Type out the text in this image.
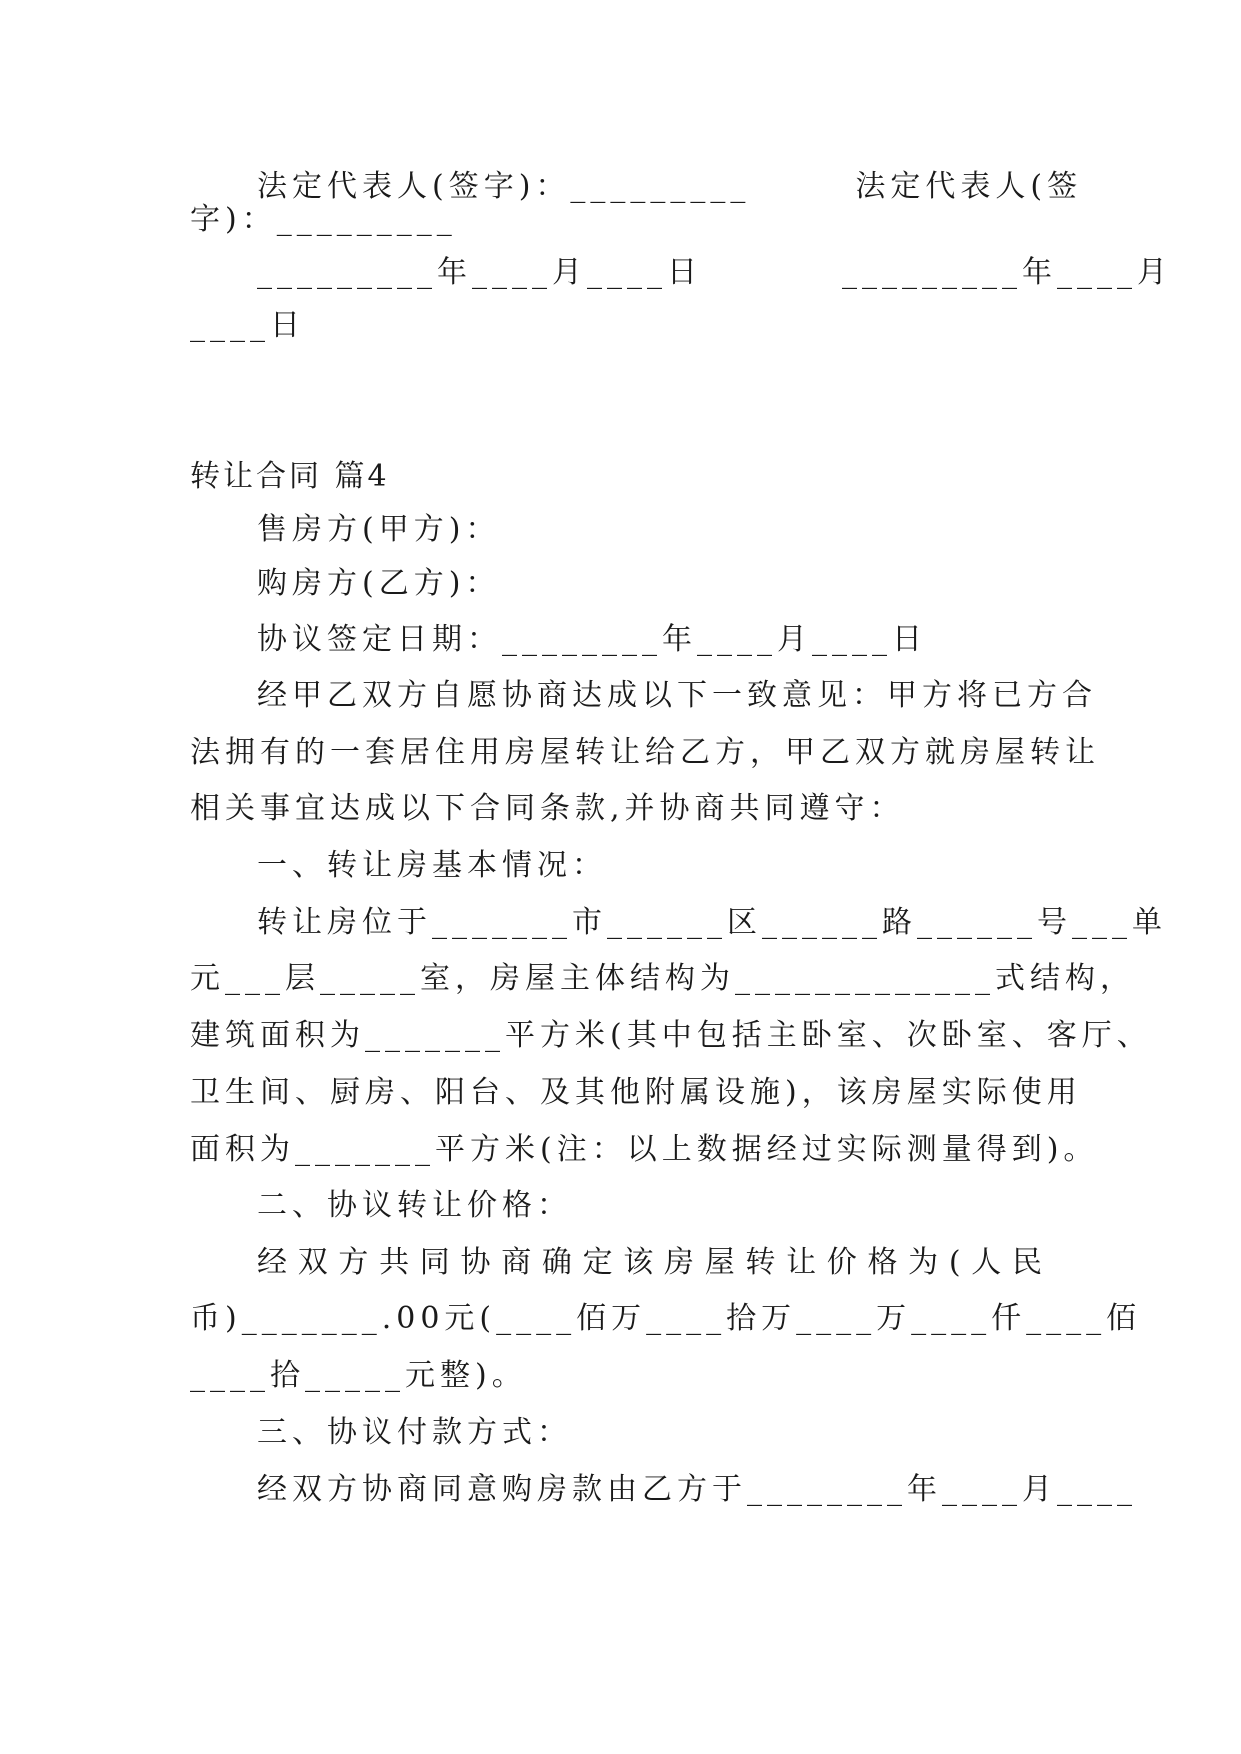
法定代表人(签字)：_________　　　法定代表人(签
字)：_________
_________年____月____日　　　　_________年____月
____日
转让合同 篇4
售房方(甲方)：
购房方(乙方)：
协议签定日期：________年____月____日
经甲乙双方自愿协商达成以下一致意见：甲方将已方合
法拥有的一套居住用房屋转让给乙方，甲乙双方就房屋转让
相关事宜达成以下合同条款,并协商共同遵守：
一、转让房基本情况：
转让房位于_______市______区______路______号___单
元___层_____室，房屋主体结构为_____________式结构，
建筑面积为_______平方米(其中包括主卧室、次卧室、客厅、
卫生间、厨房、阳台、及其他附属设施)，该房屋实际使用
面积为_______平方米(注：以上数据经过实际测量得到)。
二、协议转让价格：
经双方共同协商确定该房屋转让价格为(人民
币)_______.00元(____佰万____拾万____万____仟____佰
____拾_____元整)。
三、协议付款方式：
经双方协商同意购房款由乙方于________年____月____
